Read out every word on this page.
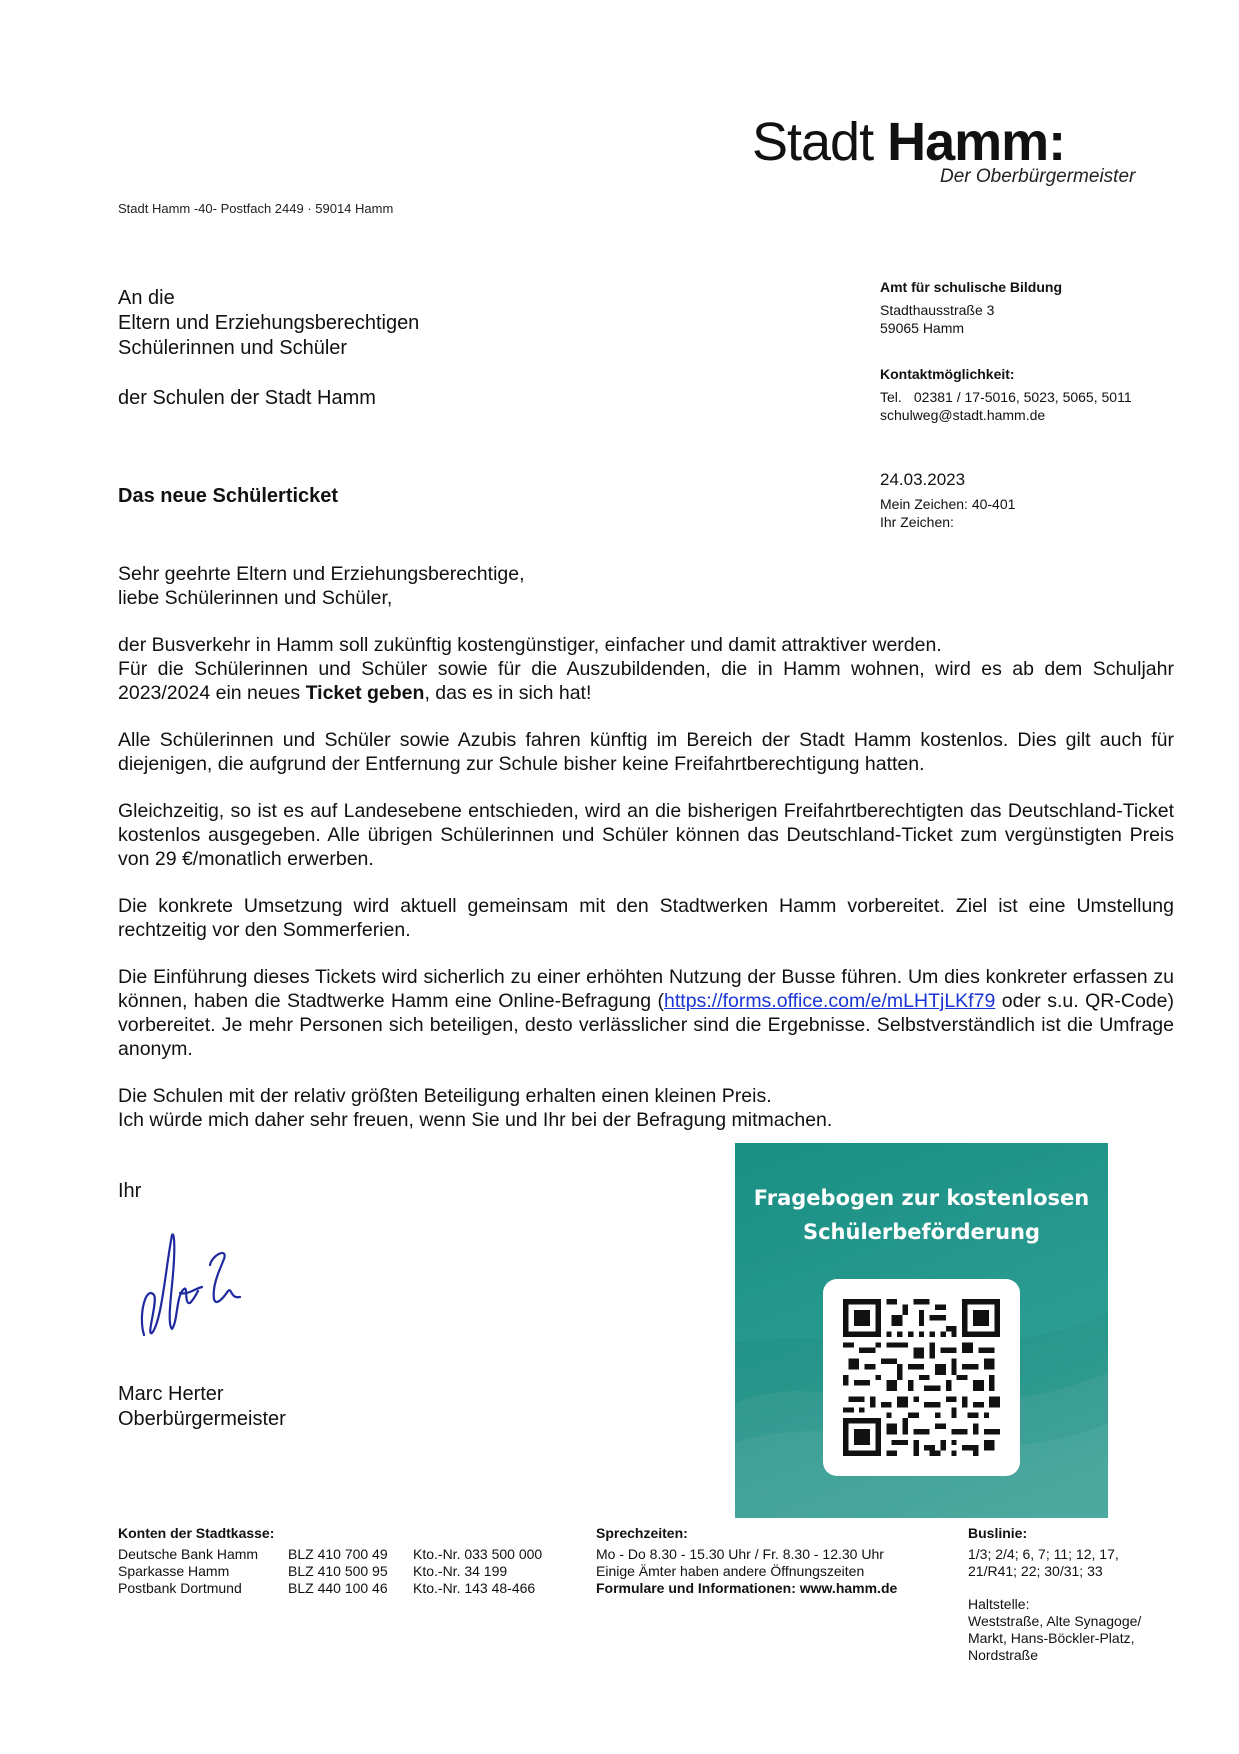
Stadt Hamm:
Der Oberbürgermeister
Stadt Hamm -40- Postfach 2449 · 59014 Hamm
An die
Eltern und Erziehungsberechtigen
Schülerinnen und Schüler
der Schulen der Stadt Hamm
Amt für schulische Bildung
Stadthausstraße 3
59065 Hamm
Kontaktmöglichkeit:
Tel. 02381 / 17-5016, 5023, 5065, 5011
schulweg@stadt.hamm.de
24.03.2023
Mein Zeichen: 40-401
Ihr Zeichen:
Das neue Schülerticket

Sehr geehrte Eltern und Erziehungsberechtige,
liebe Schülerinnen und Schüler,

der Busverkehr in Hamm soll zukünftig kostengünstiger, einfacher und damit attraktiver werden.
Für die Schülerinnen und Schüler sowie für die Auszubildenden, die in Hamm wohnen, wird es ab dem Schuljahr 2023/2024 ein neues Ticket geben, das es in sich hat!

Alle Schülerinnen und Schüler sowie Azubis fahren künftig im Bereich der Stadt Hamm kostenlos. Dies gilt auch für diejenigen, die aufgrund der Entfernung zur Schule bisher keine Freifahrtberechtigung hatten.

Gleichzeitig, so ist es auf Landesebene entschieden, wird an die bisherigen Freifahrtberechtigten das Deutschland-Ticket kostenlos ausgegeben. Alle übrigen Schülerinnen und Schüler können das Deutschland-Ticket zum vergünstigten Preis von 29 €/monatlich erwerben.

Die konkrete Umsetzung wird aktuell gemeinsam mit den Stadtwerken Hamm vorbereitet. Ziel ist eine Umstellung rechtzeitig vor den Sommerferien.

Die Einführung dieses Tickets wird sicherlich zu einer erhöhten Nutzung der Busse führen. Um dies konkreter erfassen zu können, haben die Stadtwerke Hamm eine Online-Befragung (https://forms.office.com/e/mLHTjLKf79 oder s.u. QR-Code) vorbereitet. Je mehr Personen sich beteiligen, desto verlässlicher sind die Ergebnisse. Selbstverständlich ist die Umfrage anonym.

Die Schulen mit der relativ größten Beteiligung erhalten einen kleinen Preis.
Ich würde mich daher sehr freuen, wenn Sie und Ihr bei der Befragung mitmachen.

Ihr
Marc Herter
Oberbürgermeister
Fragebogen zur kostenlosen
Schülerbeförderung
Konten der Stadtkasse:
Deutsche Bank Hamm BLZ 410 700 49 Kto.-Nr. 033 500 000
Sparkasse Hamm	BLZ 410 500 95 Kto.-Nr. 34 199
Postbank Dortmund	BLZ 440 100 46 Kto.-Nr. 143 48-466
Sprechzeiten:
Mo - Do 8.30 - 15.30 Uhr / Fr. 8.30 - 12.30 Uhr
Einige Ämter haben andere Öffnungszeiten
Formulare und Informationen: www.hamm.de
Buslinie:
1/3; 2/4; 6, 7; 11; 12, 17,
21/R41; 22; 30/31; 33
Haltstelle:
Weststraße, Alte Synagoge/
Markt, Hans-Böckler-Platz,
Nordstraße
